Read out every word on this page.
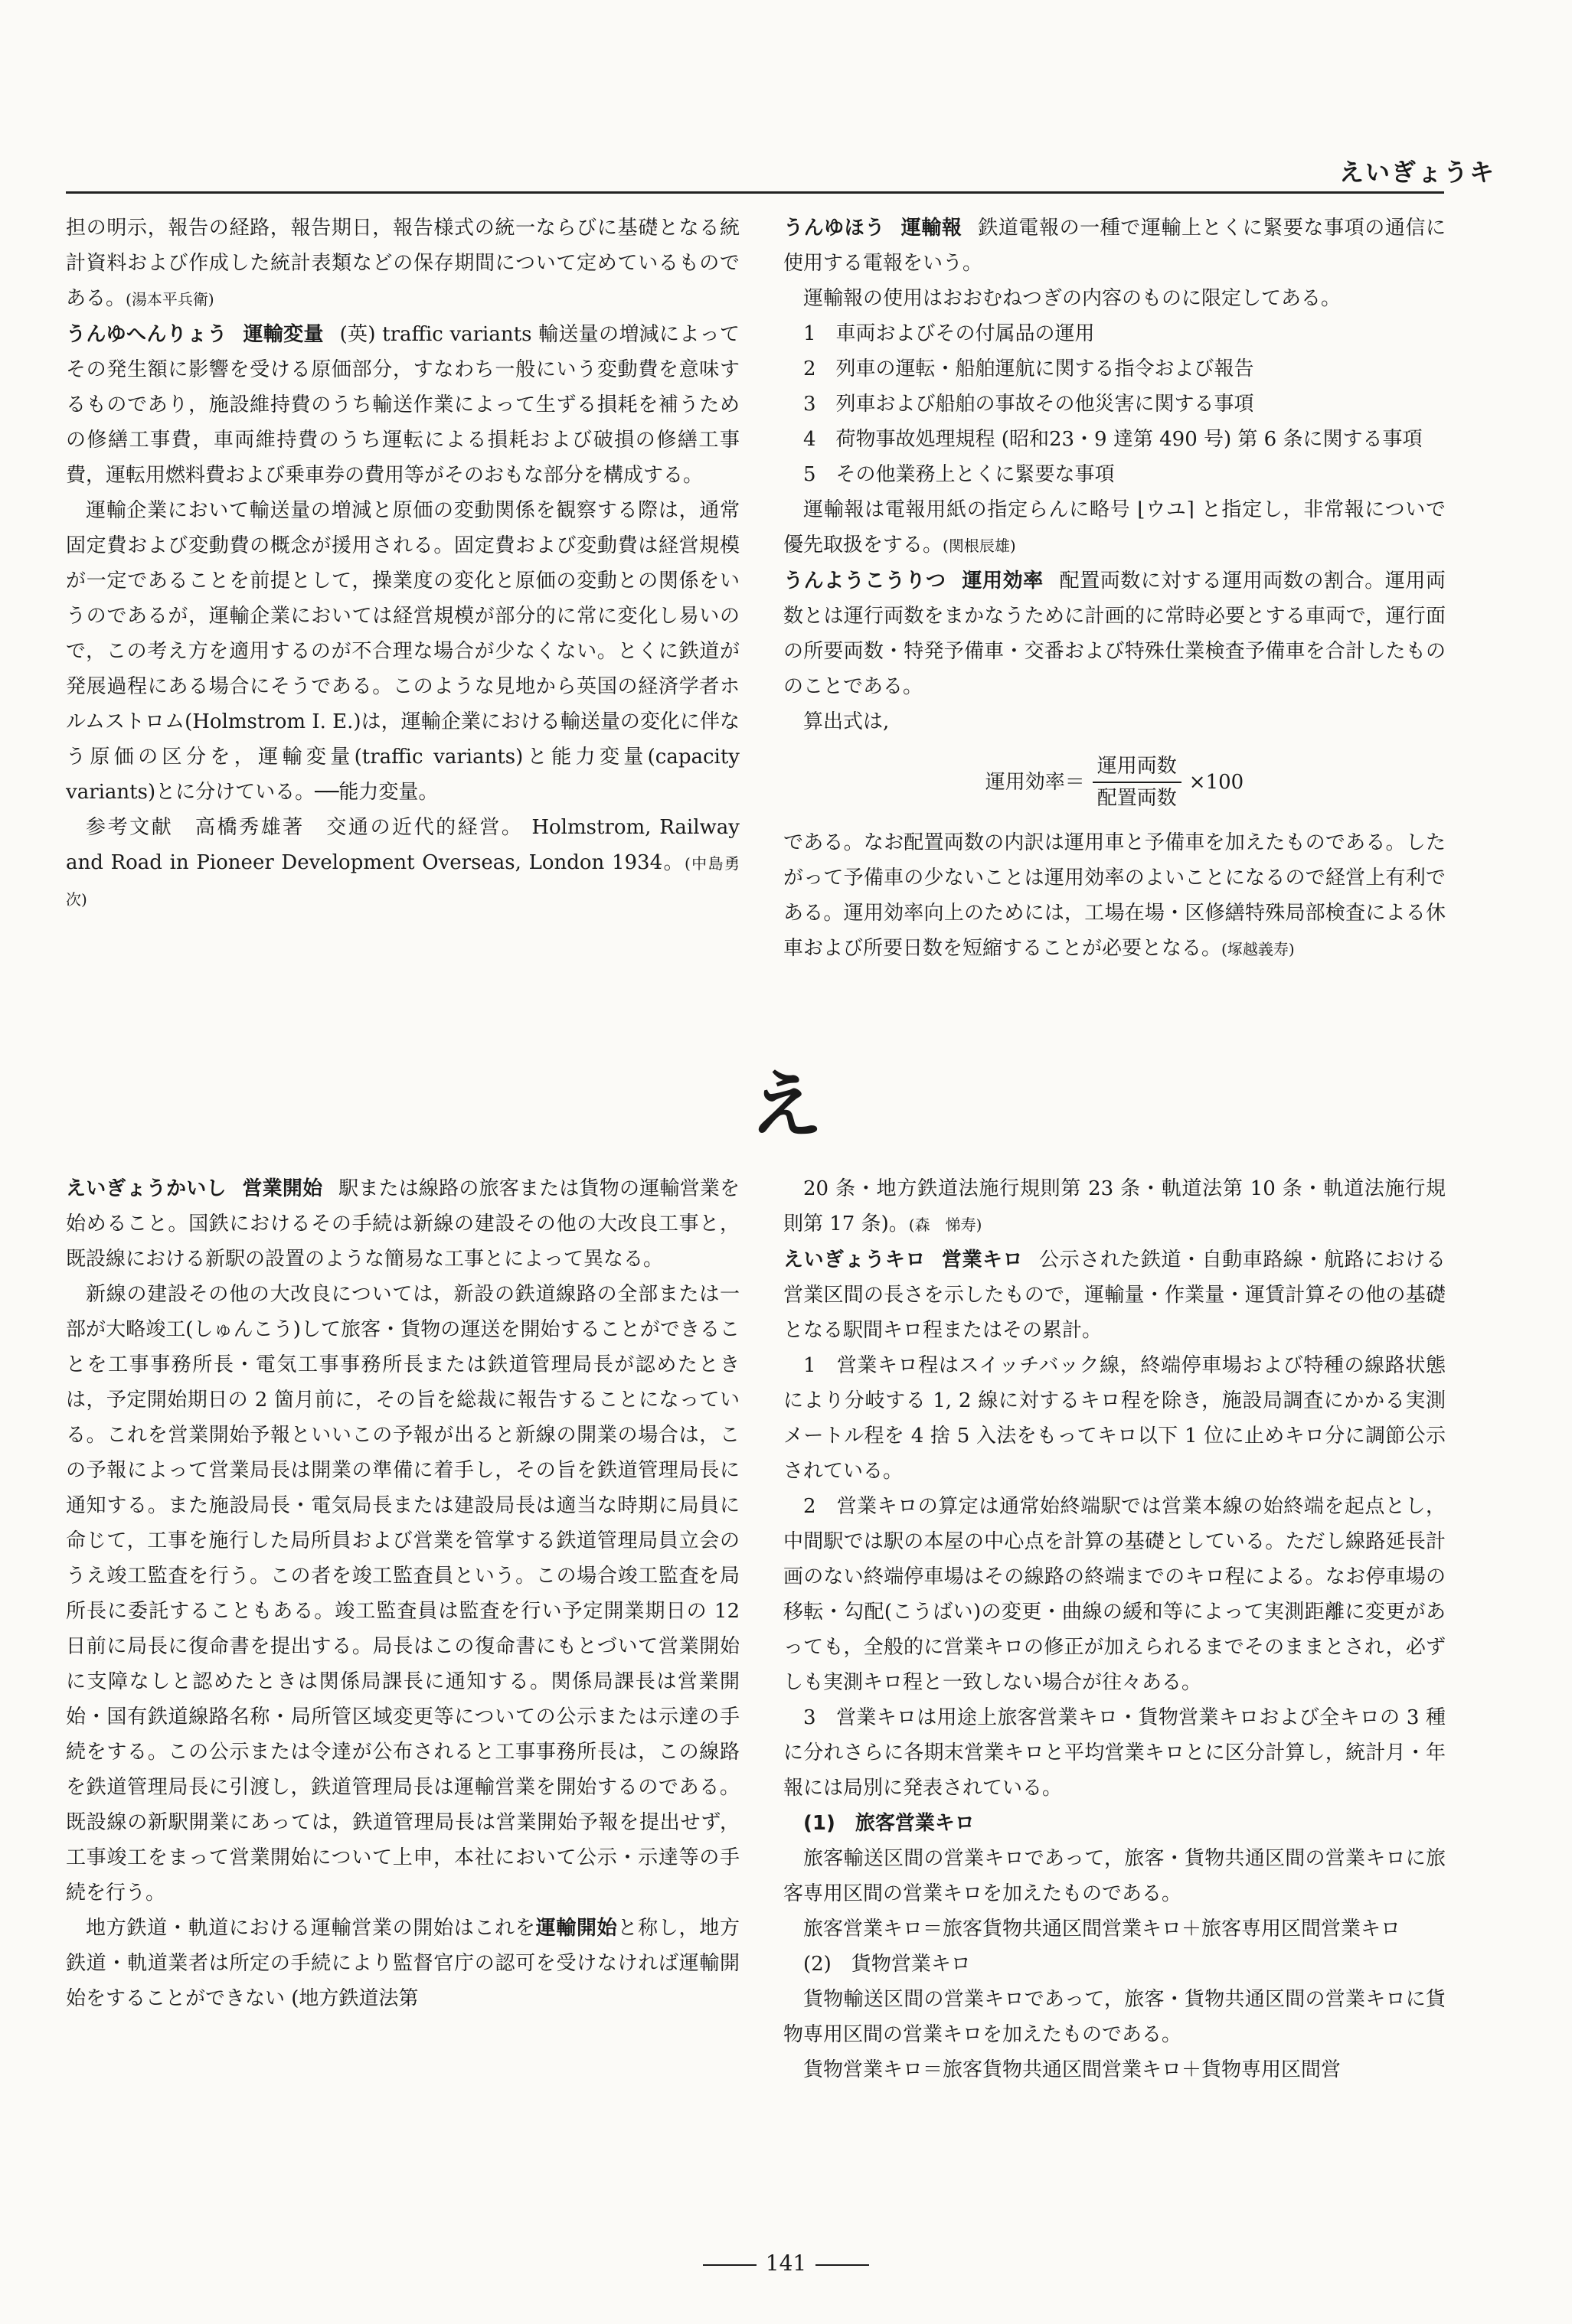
えいぎょうキ

担の明示，報告の経路，報告期日，報告様式の統一ならびに基礎となる統計資料および作成した統計表類などの保存期間について定めているものである。(湯本平兵衛)

うんゆへんりょう 運輸変量 (英) traffic variants 輸送量の増減によってその発生額に影響を受ける原価部分，すなわち一般にいう変動費を意味するものであり，施設維持費のうち輸送作業によって生ずる損耗を補うための修繕工事費，車両維持費のうち運転による損耗および破損の修繕工事費，運転用燃料費および乗車券の費用等がそのおもな部分を構成する。

運輸企業において輸送量の増減と原価の変動関係を観察する際は，通常固定費および変動費の概念が援用される。固定費および変動費は経営規模が一定であることを前提として，操業度の変化と原価の変動との関係をいうのであるが，運輸企業においては経営規模が部分的に常に変化し易いので，この考え方を適用するのが不合理な場合が少なくない。とくに鉄道が発展過程にある場合にそうである。このような見地から英国の経済学者ホルムストロム(Holmstrom I. E.)は，運輸企業における輸送量の変化に伴なう原価の区分を，運輸変量(traffic variants)と能力変量(capacity variants)とに分けている。──能力変量。

参考文献　高橋秀雄著　交通の近代的経営。 Holmstrom, Railway and Road in Pioneer Development Overseas, London 1934。(中島勇次)

うんゆほう 運輸報 鉄道電報の一種で運輸上とくに緊要な事項の通信に使用する電報をいう。

運輸報の使用はおおむねつぎの内容のものに限定してある。

1　車両およびその付属品の運用

2　列車の運転・船舶運航に関する指令および報告

3　列車および船舶の事故その他災害に関する事項

4　荷物事故処理規程 (昭和23・9 達第 490 号) 第 6 条に関する事項

5　その他業務上とくに緊要な事項

運輸報は電報用紙の指定らんに略号 ⌊ウユ⌉ と指定し，非常報についで優先取扱をする。(関根辰雄)

うんようこうりつ 運用効率 配置両数に対する運用両数の割合。運用両数とは運行両数をまかなうために計画的に常時必要とする車両で，運行面の所要両数・特発予備車・交番および特殊仕業検査予備車を合計したもののことである。

算出式は,

運用効率＝ $\frac{\text{運用両数}}{\text{配置両数}} \times 100$

である。なお配置両数の内訳は運用車と予備車を加えたものである。したがって予備車の少ないことは運用効率のよいことになるので経営上有利である。運用効率向上のためには，工場在場・区修繕特殊局部検査による休車および所要日数を短縮することが必要となる。(塚越義寿)

え

えいぎょうかいし 営業開始 駅または線路の旅客または貨物の運輸営業を始めること。国鉄におけるその手続は新線の建設その他の大改良工事と，既設線における新駅の設置のような簡易な工事とによって異なる。

新線の建設その他の大改良については，新設の鉄道線路の全部または一部が大略竣工(しゅんこう)して旅客・貨物の運送を開始することができることを工事事務所長・電気工事事務所長または鉄道管理局長が認めたときは，予定開始期日の 2 箇月前に，その旨を総裁に報告することになっている。これを営業開始予報といいこの予報が出ると新線の開業の場合は，この予報によって営業局長は開業の準備に着手し，その旨を鉄道管理局長に通知する。また施設局長・電気局長または建設局長は適当な時期に局員に命じて，工事を施行した局所員および営業を管掌する鉄道管理局員立会のうえ竣工監査を行う。この者を竣工監査員という。この場合竣工監査を局所長に委託することもある。竣工監査員は監査を行い予定開業期日の 12 日前に局長に復命書を提出する。局長はこの復命書にもとづいて営業開始に支障なしと認めたときは関係局課長に通知する。関係局課長は営業開始・国有鉄道線路名称・局所管区域変更等についての公示または示達の手続をする。この公示または令達が公布されると工事事務所長は，この線路を鉄道管理局長に引渡し，鉄道管理局長は運輸営業を開始するのである。既設線の新駅開業にあっては，鉄道管理局長は営業開始予報を提出せず，工事竣工をまって営業開始について上申，本社において公示・示達等の手続を行う。

地方鉄道・軌道における運輸営業の開始はこれを運輸開始と称し，地方鉄道・軌道業者は所定の手続により監督官庁の認可を受けなければ運輸開始をすることができない (地方鉄道法第

20 条・地方鉄道法施行規則第 23 条・軌道法第 10 条・軌道法施行規則第 17 条)。(森　悌寿)

えいぎょうキロ 営業キロ 公示された鉄道・自動車路線・航路における営業区間の長さを示したもので，運輸量・作業量・運賃計算その他の基礎となる駅間キロ程またはその累計。

1　営業キロ程はスイッチバック線，終端停車場および特種の線路状態により分岐する 1, 2 線に対するキロ程を除き，施設局調査にかかる実測メートル程を 4 捨 5 入法をもってキロ以下 1 位に止めキロ分に調節公示されている。

2　営業キロの算定は通常始終端駅では営業本線の始終端を起点とし，中間駅では駅の本屋の中心点を計算の基礎としている。ただし線路延長計画のない終端停車場はその線路の終端までのキロ程による。なお停車場の移転・勾配(こうばい)の変更・曲線の緩和等によって実測距離に変更があっても，全般的に営業キロの修正が加えられるまでそのままとされ，必ずしも実測キロ程と一致しない場合が往々ある。

3　営業キロは用途上旅客営業キロ・貨物営業キロおよび全キロの 3 種に分れさらに各期末営業キロと平均営業キロとに区分計算し，統計月・年報には局別に発表されている。

(1)　旅客営業キロ

旅客輸送区間の営業キロであって，旅客・貨物共通区間の営業キロに旅客専用区間の営業キロを加えたものである。

旅客営業キロ＝旅客貨物共通区間営業キロ＋旅客専用区間営業キロ

(2)　貨物営業キロ

貨物輸送区間の営業キロであって，旅客・貨物共通区間の営業キロに貨物専用区間の営業キロを加えたものである。

貨物営業キロ＝旅客貨物共通区間営業キロ＋貨物専用区間営

141
